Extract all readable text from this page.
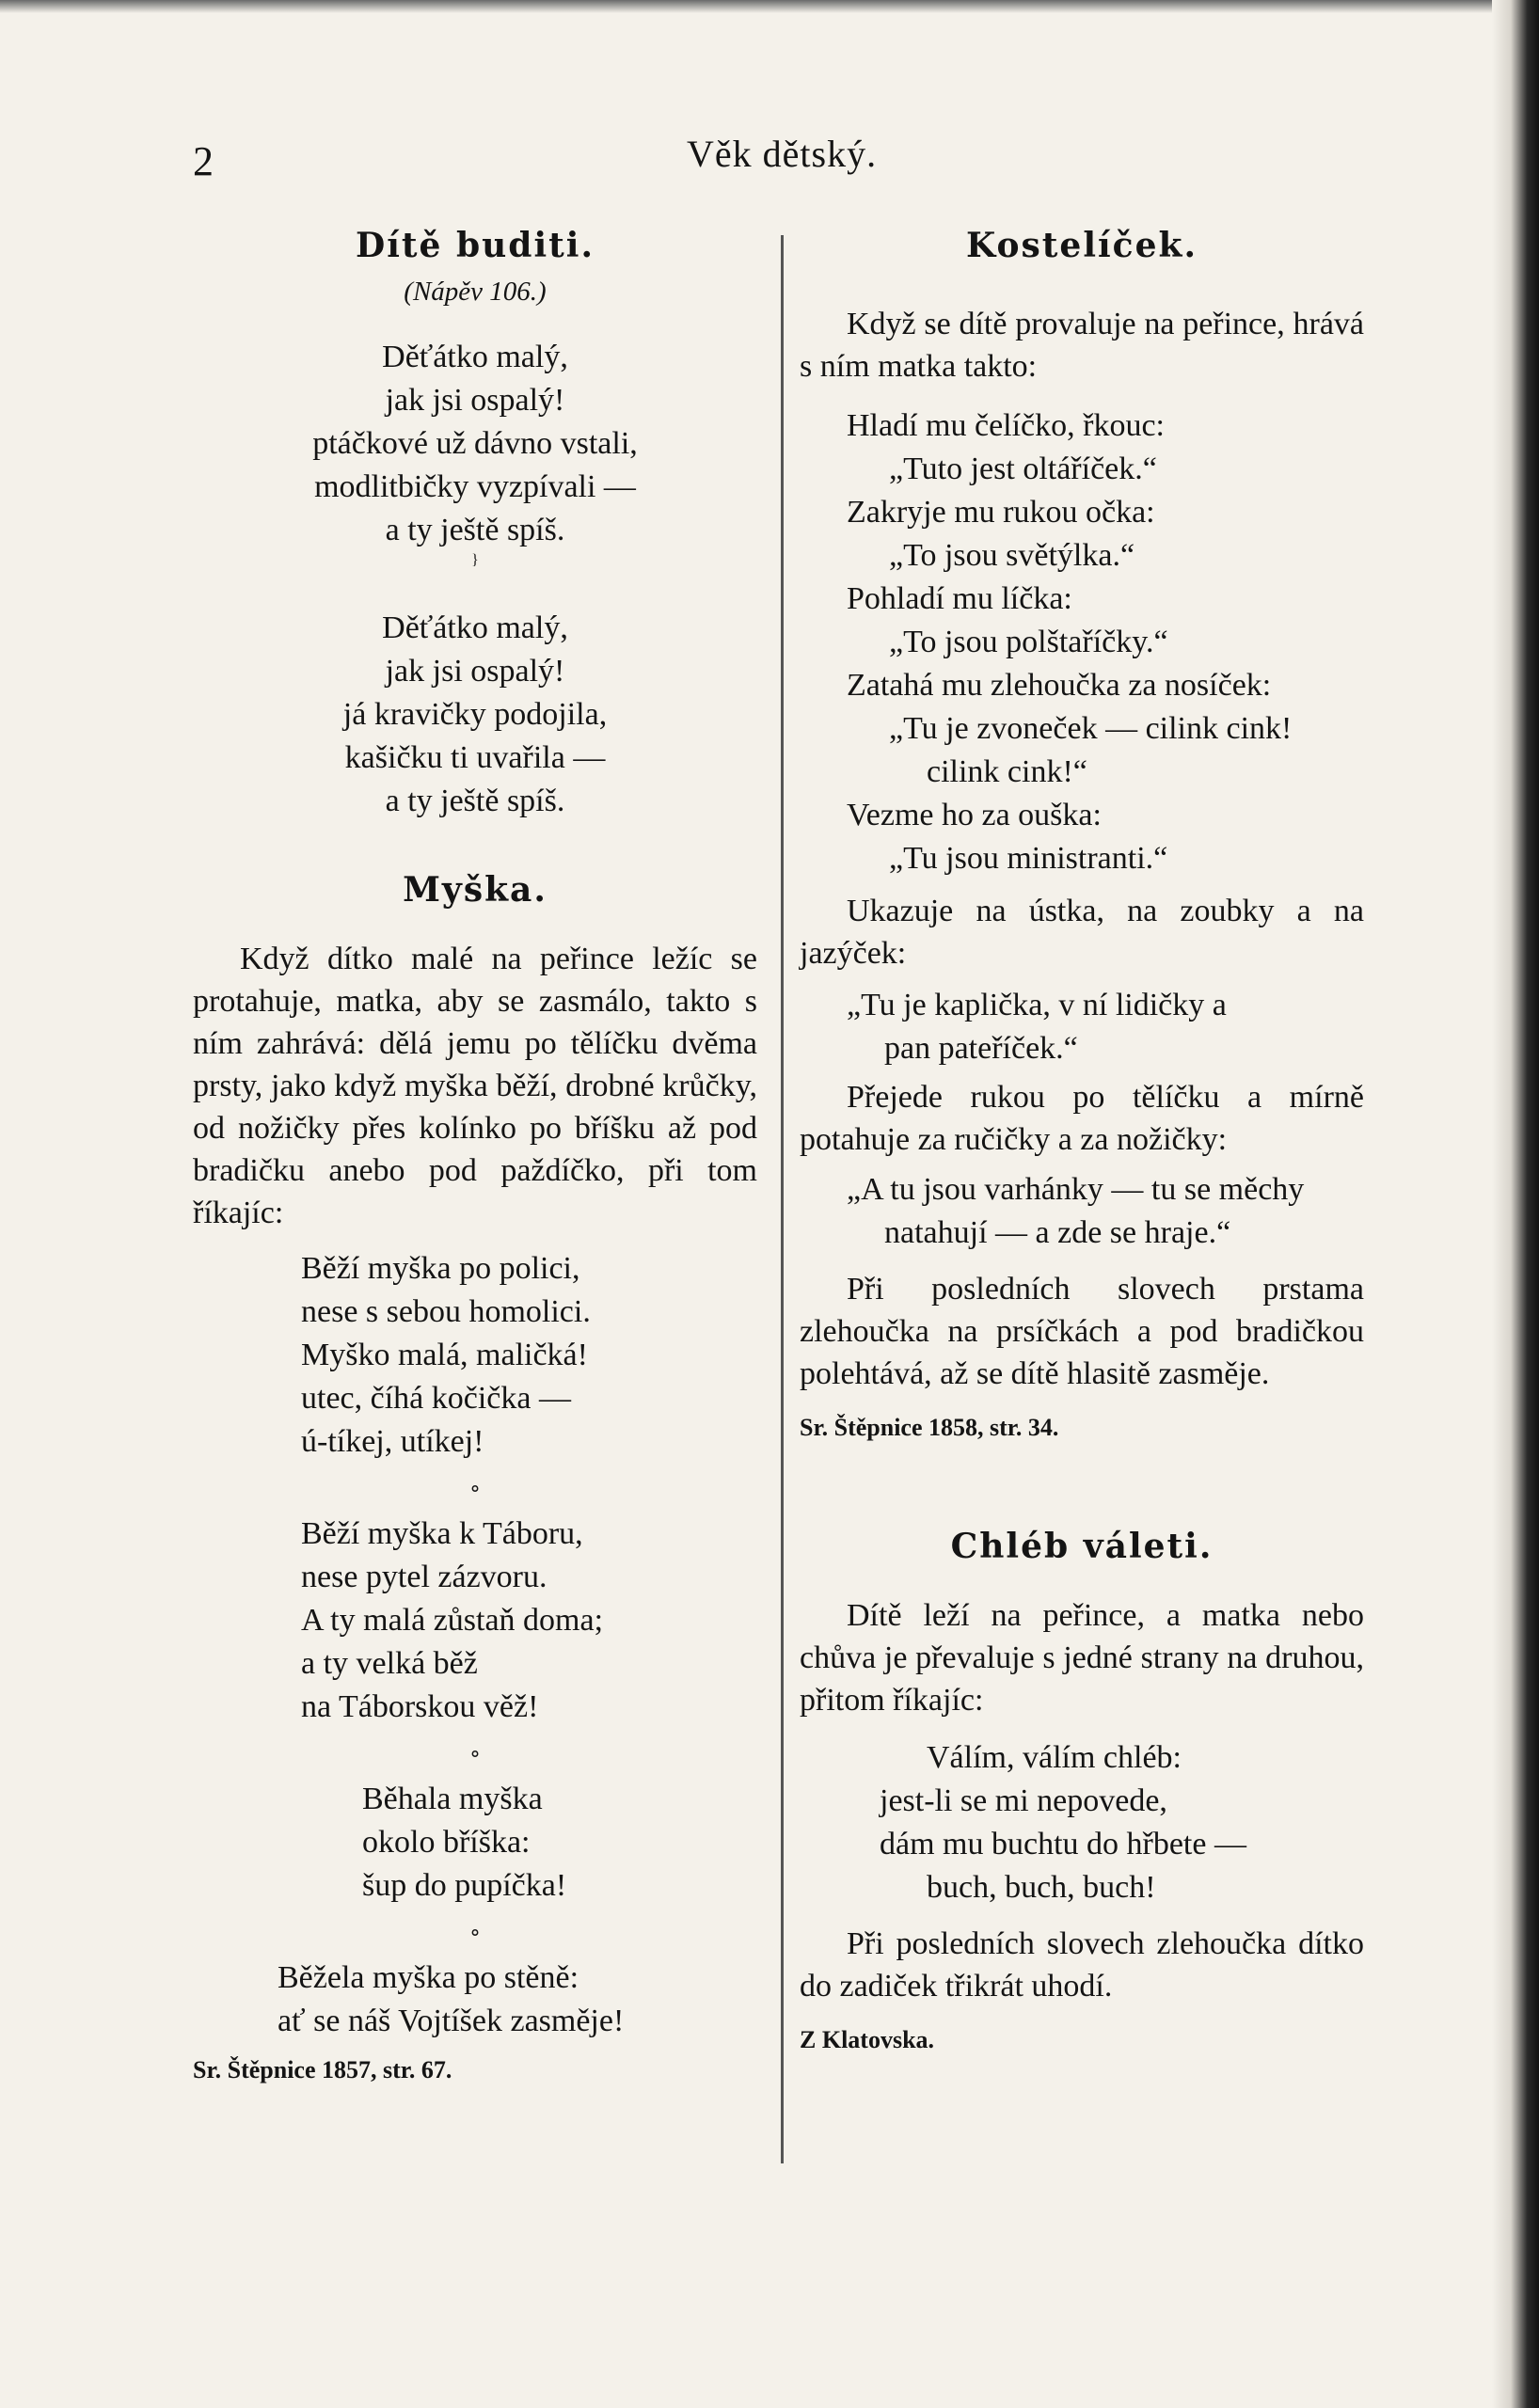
2	Věk dětský.
Dítě buditi.

(Nápěv 106.)

Děťátko malý,
jak jsi ospalý!
ptáčkové už dávno vstali,
modlitbičky vyzpívali —
a ty ještě spíš.
}
Děťátko malý,
jak jsi ospalý!
já kravičky podojila,
kašičku ti uvařila —
a ty ještě spíš.
Myška.

Když dítko malé na peřince ležíc se protahuje, matka, aby se zasmálo, takto s ním zahrává: dělá jemu po tělíčku dvěma prsty, jako když myška běží, drobné krůčky, od nožičky přes kolínko po bříšku až pod bradičku anebo pod paždíčko, při tom říkajíc:

Běží myška po polici,
nese s sebou homolici.
Myško malá, maličká!
utec, číhá kočička —
ú-tíkej, utíkej!

⚬

Běží myška k Táboru,
nese pytel zázvoru.
A ty malá zůstaň doma;
a ty velká běž
na Táborskou věž!

⚬

Běhala myška
okolo bříška:
šup do pupíčka!

⚬

Běžela myška po stěně:
ať se náš Vojtíšek zasměje!

Sr. Štěpnice 1857, str. 67.

Kostelíček.

Když se dítě provaluje na peřince, hrává s ním matka takto:

Hladí mu čelíčko, řkouc:
„Tuto jest oltáříček.“
Zakryje mu rukou očka:
„To jsou světýlka.“
Pohladí mu líčka:
„To jsou polštaříčky.“
Zatahá mu zlehoučka za nosíček:
„Tu je zvoneček — cilink cink!
cilink cink!“
Vezme ho za ouška:
„Tu jsou ministranti.“

Ukazuje na ústka, na zoubky a na jazýček:

„Tu je kaplička, v ní lidičky a
pan pateříček.“

Přejede rukou po tělíčku a mírně potahuje za ručičky a za nožičky:

„A tu jsou varhánky — tu se měchy
natahují — a zde se hraje.“

Při posledních slovech prstama zlehoučka na prsíčkách a pod bradičkou polehtává, až se dítě hlasitě zasměje.

Sr. Štěpnice 1858, str. 34.

Chléb váleti.

Dítě leží na peřince, a matka nebo chůva je převaluje s jedné strany na druhou, přitom říkajíc:

Válím, válím chléb:
jest-li se mi nepovede,
dám mu buchtu do hřbete —
buch, buch, buch!

Při posledních slovech zlehoučka dítko do zadiček třikrát uhodí.

Z Klatovska.
